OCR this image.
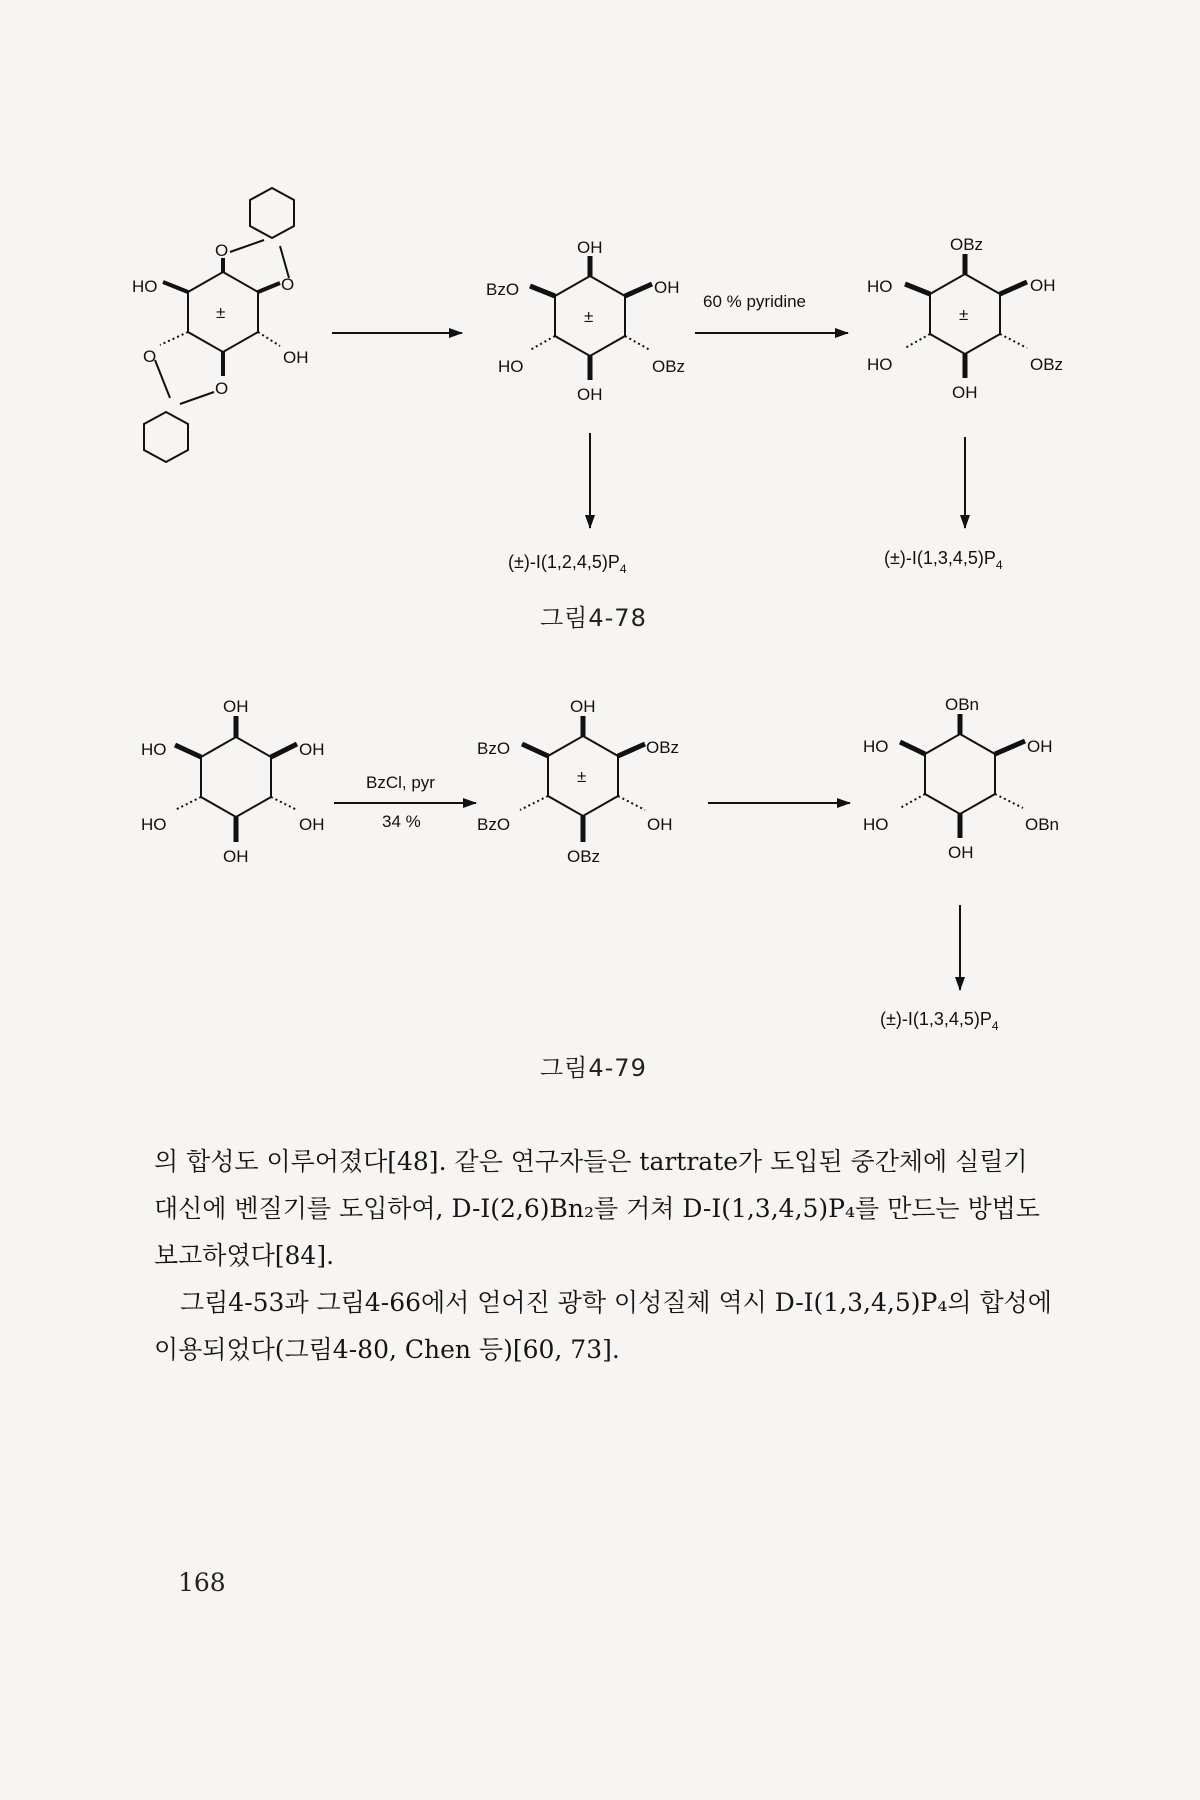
HO
OH
O
O
O
O
±
OH
BzO	OH
HO	OBz
OH
±
60 % pyridine
OBz
HO	OH
HO	OBz
OH
±
$(\pm)-I(1,2,4,5)P_4$
$(\pm)-I(1,3,4,5)P_4$
OH
HO	OH
HO	OH
OH
BzCl, pyr
34 %
OH
BzO	OBz
BzO	OH
OBz
±
OBn
HO	OH
HO	OBn
OH
$(\pm)-I(1,3,4,5)P_4$
그림4-78
그림4-79

의 합성도 이루어졌다[48]. 같은 연구자들은 tartrate가 도입된 중간체에 실릴기 대신에 벤질기를 도입하여, D-I(2,6)Bn₂를 거쳐 D-I(1,3,4,5)P₄를 만드는 방법도 보고하였다[84].

그림4-53과 그림4-66에서 얻어진 광학 이성질체 역시 D-I(1,3,4,5)P₄의 합성에 이용되었다(그림4-80, Chen 등)[60, 73].

168
